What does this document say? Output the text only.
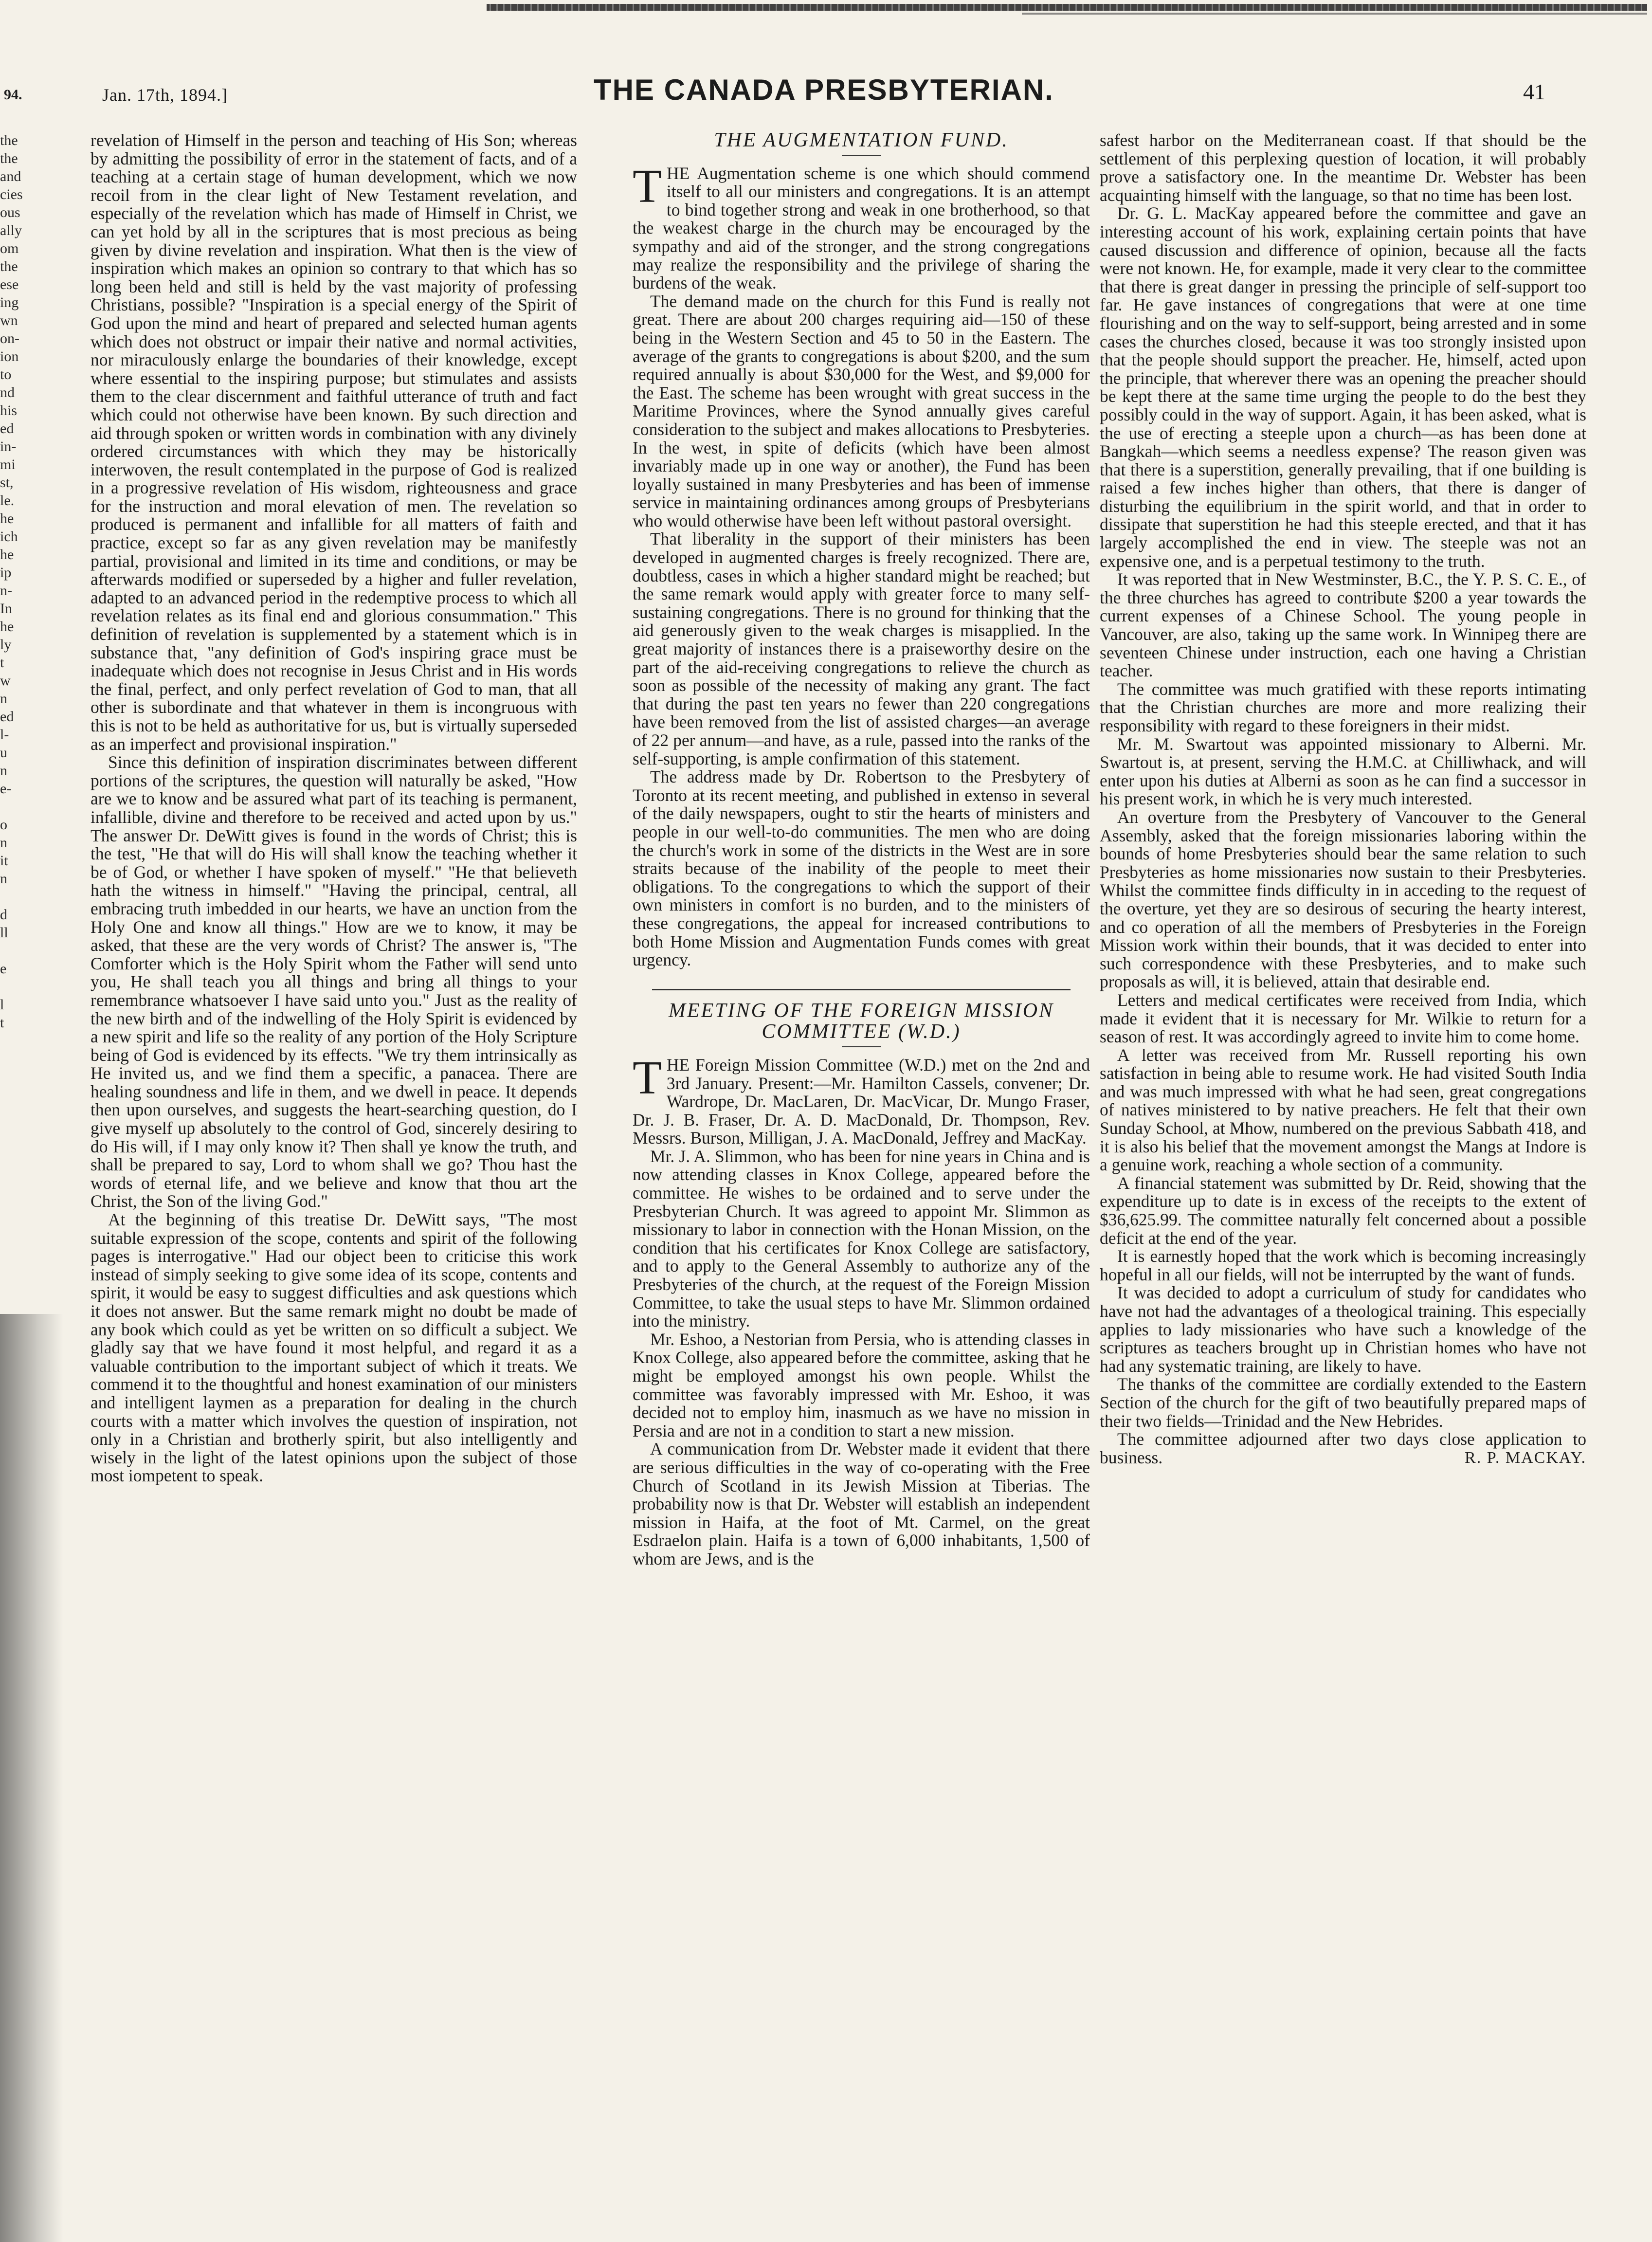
94.	Jan. 17th, 1894.]	THE CANADA PRESBYTERIAN.	41
the
the
and
cies
ous
ally
om
the
ese
ing
wn
on-
ion
to
nd
his
ed
in-
mi
st,
le.
he
ich
he
ip
n-
In
he
ly
t
w
n
ed
l-
u
n
e-
o
n
it
n
d
ll
e
l
t

revelation of Himself in the person and teaching of His Son; whereas by admitting the possibility of error in the statement of facts, and of a teaching at a certain stage of human development, which we now recoil from in the clear light of New Testament revelation, and especially of the revelation which has made of Himself in Christ, we can yet hold by all in the scriptures that is most precious as being given by divine revelation and inspiration. What then is the view of inspiration which makes an opinion so contrary to that which has so long been held and still is held by the vast majority of professing Christians, possible? "Inspiration is a special energy of the Spirit of God upon the mind and heart of prepared and selected human agents which does not obstruct or impair their native and normal activities, nor miraculously enlarge the boundaries of their knowledge, except where essential to the inspiring purpose; but stimulates and assists them to the clear discernment and faithful utterance of truth and fact which could not otherwise have been known. By such direction and aid through spoken or written words in combination with any divinely ordered circumstances with which they may be historically interwoven, the result contemplated in the purpose of God is realized in a progressive revelation of His wisdom, righteousness and grace for the instruction and moral elevation of men. The revelation so produced is permanent and infallible for all matters of faith and practice, except so far as any given revelation may be manifestly partial, provisional and limited in its time and conditions, or may be afterwards modified or superseded by a higher and fuller revelation, adapted to an advanced period in the redemptive process to which all revelation relates as its final end and glorious consummation." This definition of revelation is supplemented by a statement which is in substance that, "any definition of God's inspiring grace must be inadequate which does not recognise in Jesus Christ and in His words the final, perfect, and only perfect revelation of God to man, that all other is subordinate and that whatever in them is incongruous with this is not to be held as authoritative for us, but is virtually superseded as an imperfect and provisional inspiration."

Since this definition of inspiration discriminates between different portions of the scriptures, the question will naturally be asked, "How are we to know and be assured what part of its teaching is permanent, infallible, divine and therefore to be received and acted upon by us." The answer Dr. DeWitt gives is found in the words of Christ; this is the test, "He that will do His will shall know the teaching whether it be of God, or whether I have spoken of myself." "He that believeth hath the witness in himself." "Having the principal, central, all embracing truth imbedded in our hearts, we have an unction from the Holy One and know all things." How are we to know, it may be asked, that these are the very words of Christ? The answer is, "The Comforter which is the Holy Spirit whom the Father will send unto you, He shall teach you all things and bring all things to your remembrance whatsoever I have said unto you." Just as the reality of the new birth and of the indwelling of the Holy Spirit is evidenced by a new spirit and life so the reality of any portion of the Holy Scripture being of God is evidenced by its effects. "We try them intrinsically as He invited us, and we find them a specific, a panacea. There are healing soundness and life in them, and we dwell in peace. It depends then upon ourselves, and suggests the heart-searching question, do I give myself up absolutely to the control of God, sincerely desiring to do His will, if I may only know it? Then shall ye know the truth, and shall be prepared to say, Lord to whom shall we go? Thou hast the words of eternal life, and we believe and know that thou art the Christ, the Son of the living God."

At the beginning of this treatise Dr. DeWitt says, "The most suitable expression of the scope, contents and spirit of the following pages is interrogative." Had our object been to criticise this work instead of simply seeking to give some idea of its scope, contents and spirit, it would be easy to suggest difficulties and ask questions which it does not answer. But the same remark might no doubt be made of any book which could as yet be written on so difficult a subject. We gladly say that we have found it most helpful, and regard it as a valuable contribution to the important subject of which it treats. We commend it to the thoughtful and honest examination of our ministers and intelligent laymen as a preparation for dealing in the church courts with a matter which involves the question of inspiration, not only in a Christian and brotherly spirit, but also intelligently and wisely in the light of the latest opinions upon the subject of those most iompetent to speak.

THE AUGMENTATION FUND.

THE Augmentation scheme is one which should commend itself to all our ministers and congregations. It is an attempt to bind together strong and weak in one brotherhood, so that the weakest charge in the church may be encouraged by the sympathy and aid of the stronger, and the strong congregations may realize the responsibility and the privilege of sharing the burdens of the weak.

The demand made on the church for this Fund is really not great. There are about 200 charges requiring aid—150 of these being in the Western Section and 45 to 50 in the Eastern. The average of the grants to congregations is about $200, and the sum required annually is about $30,000 for the West, and $9,000 for the East. The scheme has been wrought with great success in the Maritime Provinces, where the Synod annually gives careful consideration to the subject and makes allocations to Presbyteries. In the west, in spite of deficits (which have been almost invariably made up in one way or another), the Fund has been loyally sustained in many Presbyteries and has been of immense service in maintaining ordinances among groups of Presbyterians who would otherwise have been left without pastoral oversight.

That liberality in the support of their ministers has been developed in augmented charges is freely recognized. There are, doubtless, cases in which a higher standard might be reached; but the same remark would apply with greater force to many self-sustaining congregations. There is no ground for thinking that the aid generously given to the weak charges is misapplied. In the great majority of instances there is a praiseworthy desire on the part of the aid-receiving congregations to relieve the church as soon as possible of the necessity of making any grant. The fact that during the past ten years no fewer than 220 congregations have been removed from the list of assisted charges—an average of 22 per annum—and have, as a rule, passed into the ranks of the self-supporting, is ample confirmation of this statement.

The address made by Dr. Robertson to the Presbytery of Toronto at its recent meeting, and published in extenso in several of the daily newspapers, ought to stir the hearts of ministers and people in our well-to-do communities. The men who are doing the church's work in some of the districts in the West are in sore straits because of the inability of the people to meet their obligations. To the congregations to which the support of their own ministers in comfort is no burden, and to the ministers of these congregations, the appeal for increased contributions to both Home Mission and Augmentation Funds comes with great urgency.

MEETING OF THE FOREIGN MISSION
COMMITTEE (W.D.)

THE Foreign Mission Committee (W.D.) met on the 2nd and 3rd January. Present:—Mr. Hamilton Cassels, convener; Dr. Wardrope, Dr. MacLaren, Dr. MacVicar, Dr. Mungo Fraser, Dr. J. B. Fraser, Dr. A. D. MacDonald, Dr. Thompson, Rev. Messrs. Burson, Milligan, J. A. MacDonald, Jeffrey and MacKay.

Mr. J. A. Slimmon, who has been for nine years in China and is now attending classes in Knox College, appeared before the committee. He wishes to be ordained and to serve under the Presbyterian Church. It was agreed to appoint Mr. Slimmon as missionary to labor in connection with the Honan Mission, on the condition that his certificates for Knox College are satisfactory, and to apply to the General Assembly to authorize any of the Presbyteries of the church, at the request of the Foreign Mission Committee, to take the usual steps to have Mr. Slimmon ordained into the ministry.

Mr. Eshoo, a Nestorian from Persia, who is attending classes in Knox College, also appeared before the committee, asking that he might be employed amongst his own people. Whilst the committee was favorably impressed with Mr. Eshoo, it was decided not to employ him, inasmuch as we have no mission in Persia and are not in a condition to start a new mission.

A communication from Dr. Webster made it evident that there are serious difficulties in the way of co-operating with the Free Church of Scotland in its Jewish Mission at Tiberias. The probability now is that Dr. Webster will establish an independent mission in Haifa, at the foot of Mt. Carmel, on the great Esdraelon plain. Haifa is a town of 6,000 inhabitants, 1,500 of whom are Jews, and is the

safest harbor on the Mediterranean coast. If that should be the settlement of this perplexing question of location, it will probably prove a satisfactory one. In the meantime Dr. Webster has been acquainting himself with the language, so that no time has been lost.

Dr. G. L. MacKay appeared before the committee and gave an interesting account of his work, explaining certain points that have caused discussion and difference of opinion, because all the facts were not known. He, for example, made it very clear to the committee that there is great danger in pressing the principle of self-support too far. He gave instances of congregations that were at one time flourishing and on the way to self-support, being arrested and in some cases the churches closed, because it was too strongly insisted upon that the people should support the preacher. He, himself, acted upon the principle, that wherever there was an opening the preacher should be kept there at the same time urging the people to do the best they possibly could in the way of support. Again, it has been asked, what is the use of erecting a steeple upon a church—as has been done at Bangkah—which seems a needless expense? The reason given was that there is a superstition, generally prevailing, that if one building is raised a few inches higher than others, that there is danger of disturbing the equilibrium in the spirit world, and that in order to dissipate that superstition he had this steeple erected, and that it has largely accomplished the end in view. The steeple was not an expensive one, and is a perpetual testimony to the truth.

It was reported that in New Westminster, B.C., the Y. P. S. C. E., of the three churches has agreed to contribute $200 a year towards the current expenses of a Chinese School. The young people in Vancouver, are also, taking up the same work. In Winnipeg there are seventeen Chinese under instruction, each one having a Christian teacher.

The committee was much gratified with these reports intimating that the Christian churches are more and more realizing their responsibility with regard to these foreigners in their midst.

Mr. M. Swartout was appointed missionary to Alberni. Mr. Swartout is, at present, serving the H.M.C. at Chilliwhack, and will enter upon his duties at Alberni as soon as he can find a successor in his present work, in which he is very much interested.

An overture from the Presbytery of Vancouver to the General Assembly, asked that the foreign missionaries laboring within the bounds of home Presbyteries should bear the same relation to such Presbyteries as home missionaries now sustain to their Presbyteries. Whilst the committee finds difficulty in in acceding to the request of the overture, yet they are so desirous of securing the hearty interest, and co operation of all the members of Presbyteries in the Foreign Mission work within their bounds, that it was decided to enter into such correspondence with these Presbyteries, and to make such proposals as will, it is believed, attain that desirable end.

Letters and medical certificates were received from India, which made it evident that it is necessary for Mr. Wilkie to return for a season of rest. It was accordingly agreed to invite him to come home.

A letter was received from Mr. Russell reporting his own satisfaction in being able to resume work. He had visited South India and was much impressed with what he had seen, great congregations of natives ministered to by native preachers. He felt that their own Sunday School, at Mhow, numbered on the previous Sabbath 418, and it is also his belief that the movement amongst the Mangs at Indore is a genuine work, reaching a whole section of a community.

A financial statement was submitted by Dr. Reid, showing that the expenditure up to date is in excess of the receipts to the extent of $36,625.99. The committee naturally felt concerned about a possible deficit at the end of the year.

It is earnestly hoped that the work which is becoming increasingly hopeful in all our fields, will not be interrupted by the want of funds.

It was decided to adopt a curriculum of study for candidates who have not had the advantages of a theological training. This especially applies to lady missionaries who have such a knowledge of the scriptures as teachers brought up in Christian homes who have not had any systematic training, are likely to have.

The thanks of the committee are cordially extended to the Eastern Section of the church for the gift of two beautifully prepared maps of their two fields—Trinidad and the New Hebrides.

The committee adjourned after two days close application to business.	R. P. MACKAY.
